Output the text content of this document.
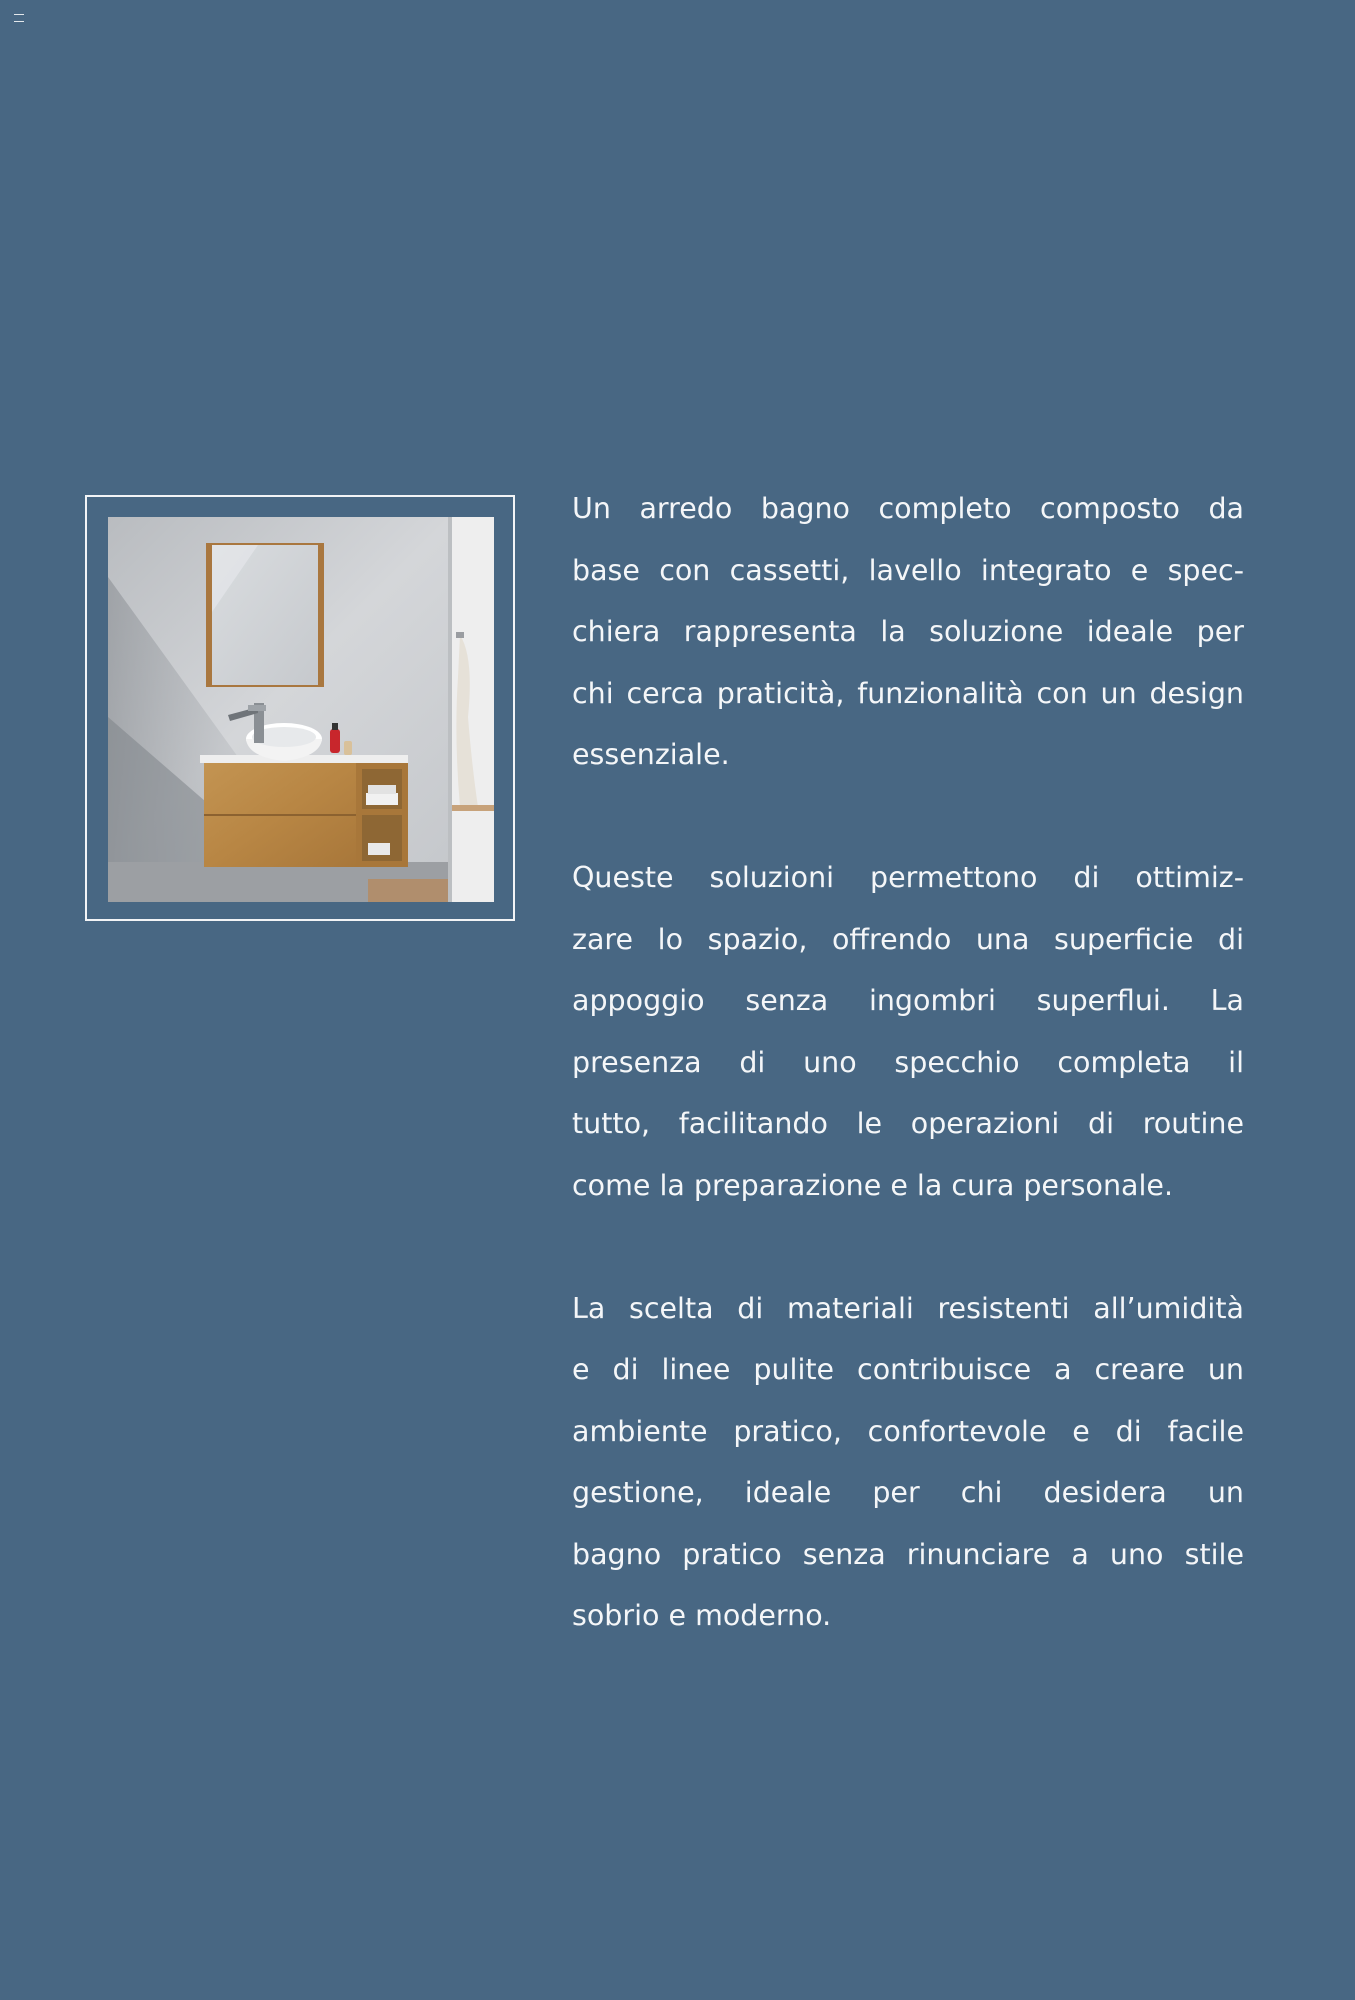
Un arredo bagno completo composto da
base con cassetti, lavello integrato e spec-
chiera rappresenta la soluzione ideale per
chi cerca praticità, funzionalità con un design
essenziale.

Queste soluzioni permettono di ottimiz-
zare lo spazio, offrendo una superficie di
appoggio senza ingombri superflui. La
presenza di uno specchio completa il
tutto, facilitando le operazioni di routine
come la preparazione e la cura personale.

La scelta di materiali resistenti all’umidità
e di linee pulite contribuisce a creare un
ambiente pratico, confortevole e di facile
gestione, ideale per chi desidera un
bagno pratico senza rinunciare a uno stile
sobrio e moderno.
